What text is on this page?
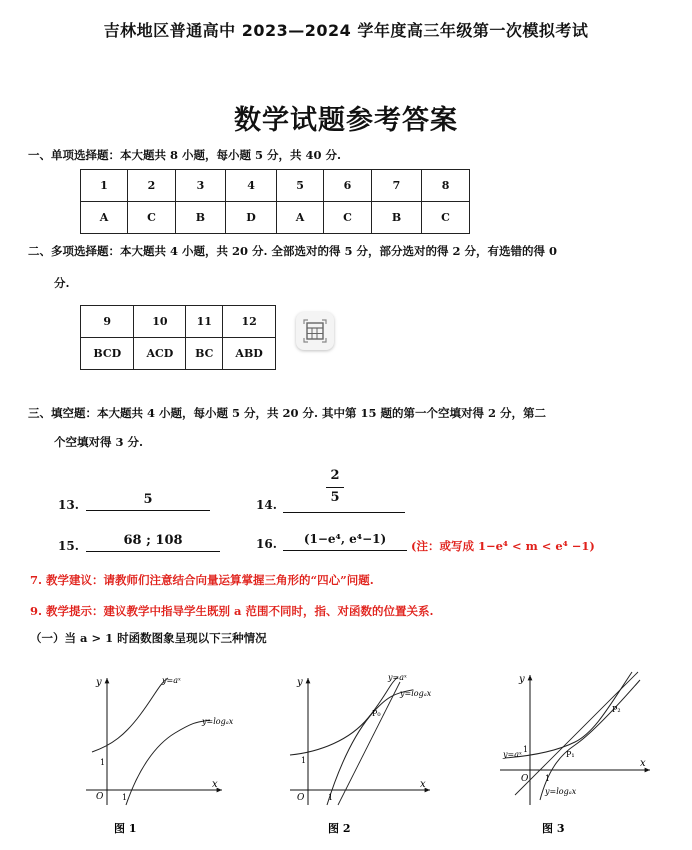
吉林地区普通高中 2023—2024 学年度高三年级第一次模拟考试
数学试题参考答案
一、单项选择题：本大题共 8 小题，每小题 5 分，共 40 分.
1	2	3	4	5	6	7	8
A	C	B	D	A	C	B	C
二、多项选择题：本大题共 4 小题，共 20 分. 全部选对的得 5 分，部分选对的得 2 分，有选错的得 0
分.
9	10	11	12
BCD	ACD	BC	ABD
三、填空题：本大题共 4 小题，每小题 5 分，共 20 分. 其中第 15 题的第一个空填对得 2 分，第二
个空填对得 3 分.
13.	5	14.
2
5
15.	68 ; 108	16.	(1−e⁴, e⁴−1)	(注：或写成 1−e⁴ < m < e⁴ −1)
7. 教学建议：请教师们注意结合向量运算掌握三角形的“四心”问题.
9. 教学提示：建议教学中指导学生既别 a 范围不同时，指、对函数的位置关系.
（一）当 a > 1 时函数图象呈现以下三种情况
y
x
O 1
1
y=aˣ
y=logₐx
图 1
y
x
O	1
1
P₀
y=aˣ
y=logₐx
图 2
y
x
O 1
1
P₁
P₂
y=aˣ
y=logₐx
图 3
